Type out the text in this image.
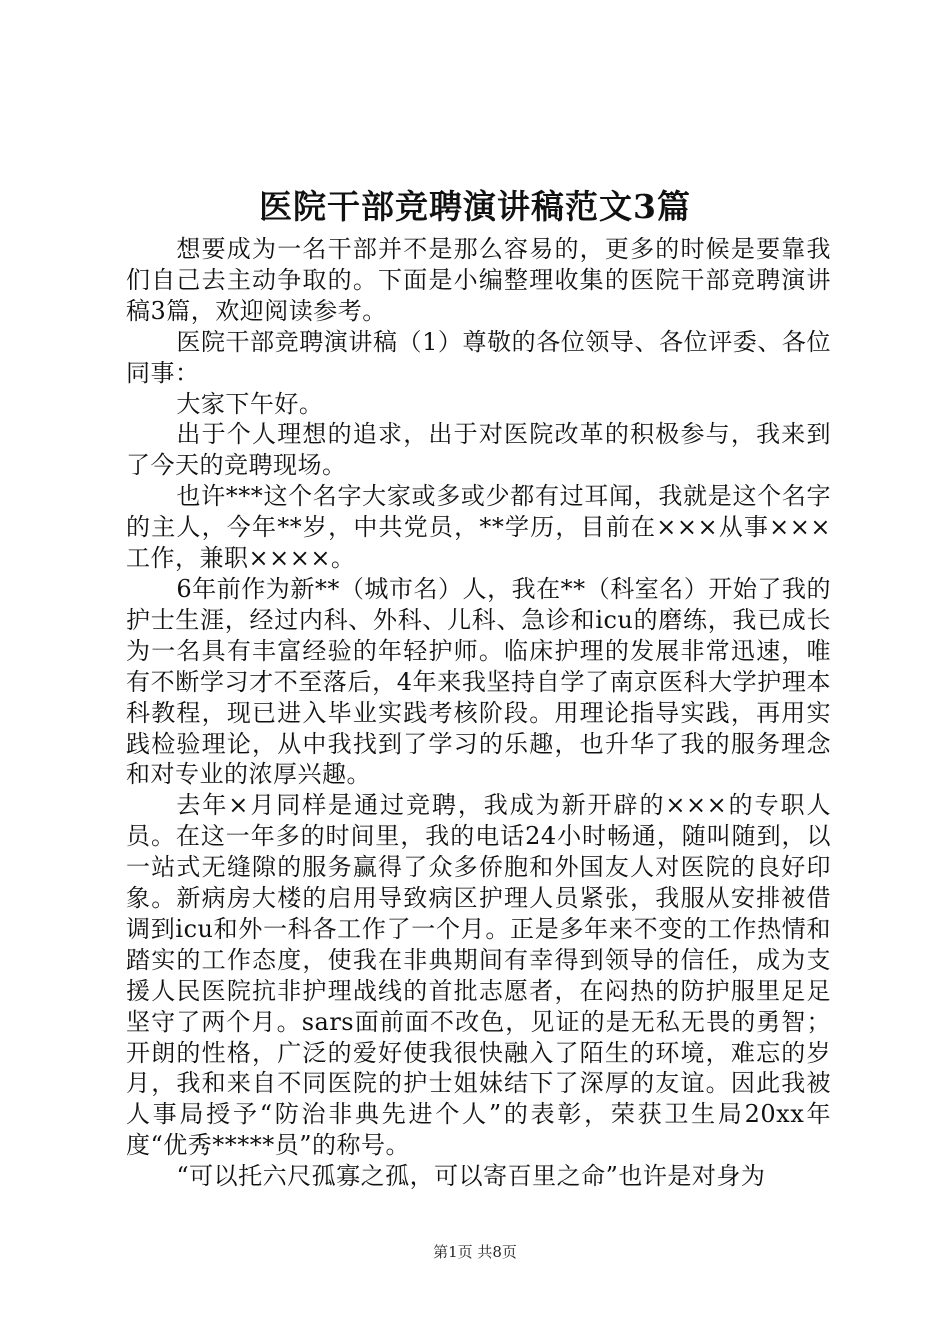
医院干部竞聘演讲稿范文3篇

想要成为一名干部并不是那么容易的，更多的时候是要靠我们自己去主动争取的。下面是小编整理收集的医院干部竞聘演讲稿3篇，欢迎阅读参考。

医院干部竞聘演讲稿（1）尊敬的各位领导、各位评委、各位同事：

大家下午好。

出于个人理想的追求，出于对医院改革的积极参与，我来到了今天的竞聘现场。

也许***这个名字大家或多或少都有过耳闻，我就是这个名字的主人，今年**岁，中共党员，**学历，目前在×××从事×××工作，兼职××××。

6年前作为新**（城市名）人，我在**（科室名）开始了我的护士生涯，经过内科、外科、儿科、急诊和icu的磨练，我已成长为一名具有丰富经验的年轻护师。临床护理的发展非常迅速，唯有不断学习才不至落后，4年来我坚持自学了南京医科大学护理本科教程，现已进入毕业实践考核阶段。用理论指导实践，再用实践检验理论，从中我找到了学习的乐趣，也升华了我的服务理念和对专业的浓厚兴趣。

去年×月同样是通过竞聘，我成为新开辟的×××的专职人员。在这一年多的时间里，我的电话24小时畅通，随叫随到，以一站式无缝隙的服务赢得了众多侨胞和外国友人对医院的良好印象。新病房大楼的启用导致病区护理人员紧张，我服从安排被借调到icu和外一科各工作了一个月。正是多年来不变的工作热情和踏实的工作态度，使我在非典期间有幸得到领导的信任，成为支援人民医院抗非护理战线的首批志愿者，在闷热的防护服里足足坚守了两个月。sars面前面不改色，见证的是无私无畏的勇智；开朗的性格，广泛的爱好使我很快融入了陌生的环境，难忘的岁月，我和来自不同医院的护士姐妹结下了深厚的友谊。因此我被人事局授予“防治非典先进个人”的表彰，荣获卫生局20xx年度“优秀*****员”的称号。

“可以托六尺孤寡之孤，可以寄百里之命”也许是对身为

第1页 共8页
